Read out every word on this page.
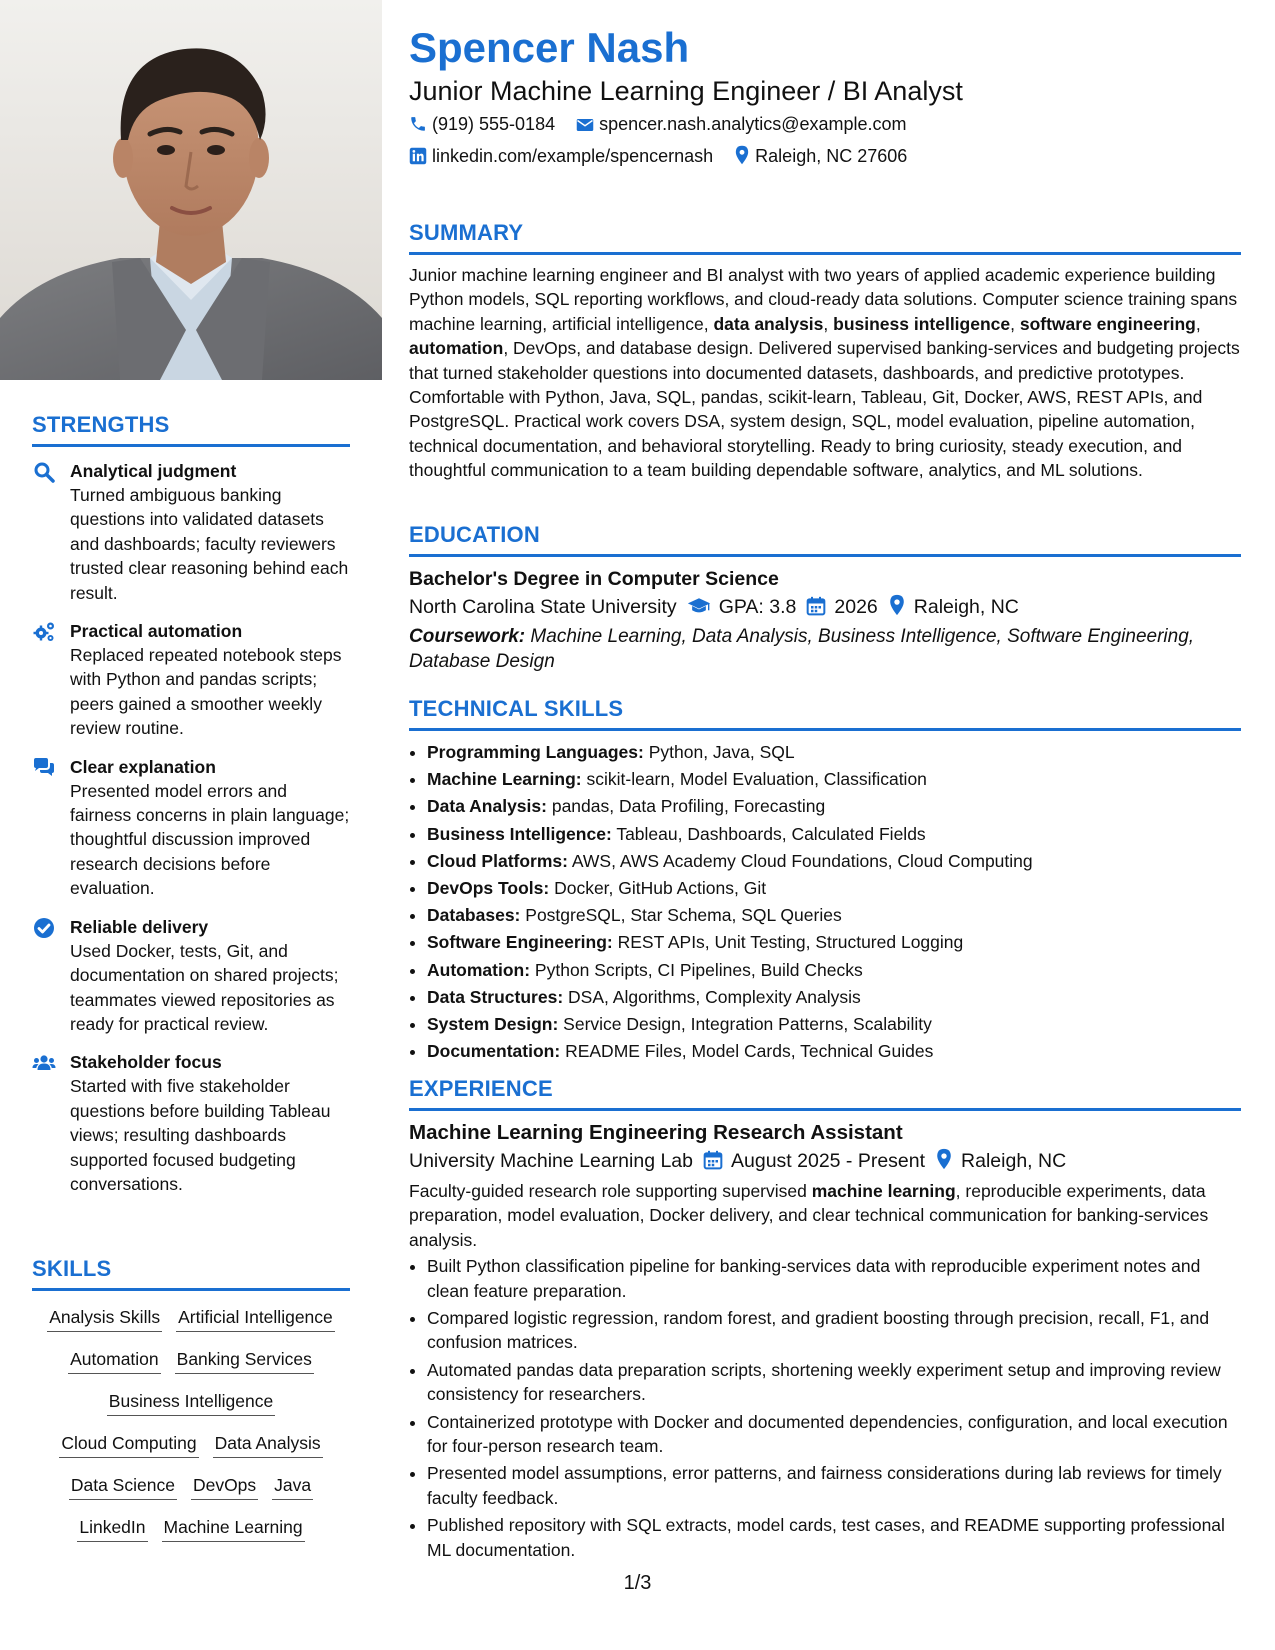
STRENGTHS
Analytical judgment
Turned ambiguous banking questions into validated datasets and dashboards; faculty reviewers trusted clear reasoning behind each result.
Practical automation
Replaced repeated notebook steps with Python and pandas scripts; peers gained a smoother weekly review routine.
Clear explanation
Presented model errors and fairness concerns in plain language; thoughtful discussion improved research decisions before evaluation.
Reliable delivery
Used Docker, tests, Git, and documentation on shared projects; teammates viewed repositories as ready for practical review.
Stakeholder focus
Started with five stakeholder questions before building Tableau views; resulting dashboards supported focused budgeting conversations.
SKILLS
Analysis Skills Artificial Intelligence
Automation Banking Services
Business Intelligence
Cloud Computing Data Analysis
Data Science DevOps Java
LinkedIn Machine Learning
Spencer Nash
Junior Machine Learning Engineer / BI Analyst
(919) 555-0184 spencer.nash.analytics@example.com
linkedin.com/example/spencernash Raleigh, NC 27606
SUMMARY
Junior machine learning engineer and BI analyst with two years of applied academic experience building Python models, SQL reporting workflows, and cloud-ready data solutions. Computer science training spans machine learning, artificial intelligence, data analysis, business intelligence, software engineering, automation, DevOps, and database design. Delivered supervised banking-services and budgeting projects that turned stakeholder questions into documented datasets, dashboards, and predictive prototypes. Comfortable with Python, Java, SQL, pandas, scikit-learn, Tableau, Git, Docker, AWS, REST APIs, and PostgreSQL. Practical work covers DSA, system design, SQL, model evaluation, pipeline automation, technical documentation, and behavioral storytelling. Ready to bring curiosity, steady execution, and thoughtful communication to a team building dependable software, analytics, and ML solutions.
EDUCATION
Bachelor's Degree in Computer Science
North Carolina State University GPA: 3.8 2026 Raleigh, NC
Coursework: Machine Learning, Data Analysis, Business Intelligence, Software Engineering, Database Design
TECHNICAL SKILLS
• Programming Languages: Python, Java, SQL
• Machine Learning: scikit-learn, Model Evaluation, Classification
• Data Analysis: pandas, Data Profiling, Forecasting
• Business Intelligence: Tableau, Dashboards, Calculated Fields
• Cloud Platforms: AWS, AWS Academy Cloud Foundations, Cloud Computing
• DevOps Tools: Docker, GitHub Actions, Git
• Databases: PostgreSQL, Star Schema, SQL Queries
• Software Engineering: REST APIs, Unit Testing, Structured Logging
• Automation: Python Scripts, CI Pipelines, Build Checks
• Data Structures: DSA, Algorithms, Complexity Analysis
• System Design: Service Design, Integration Patterns, Scalability
• Documentation: README Files, Model Cards, Technical Guides
EXPERIENCE
Machine Learning Engineering Research Assistant
University Machine Learning Lab August 2025 - Present Raleigh, NC
Faculty-guided research role supporting supervised machine learning, reproducible experiments, data preparation, model evaluation, Docker delivery, and clear technical communication for banking-services analysis.
• Built Python classification pipeline for banking-services data with reproducible experiment notes and clean feature preparation.
• Compared logistic regression, random forest, and gradient boosting through precision, recall, F1, and confusion matrices.
• Automated pandas data preparation scripts, shortening weekly experiment setup and improving review consistency for researchers.
• Containerized prototype with Docker and documented dependencies, configuration, and local execution for four-person research team.
• Presented model assumptions, error patterns, and fairness considerations during lab reviews for timely faculty feedback.
• Published repository with SQL extracts, model cards, test cases, and README supporting professional ML documentation.
1/3
